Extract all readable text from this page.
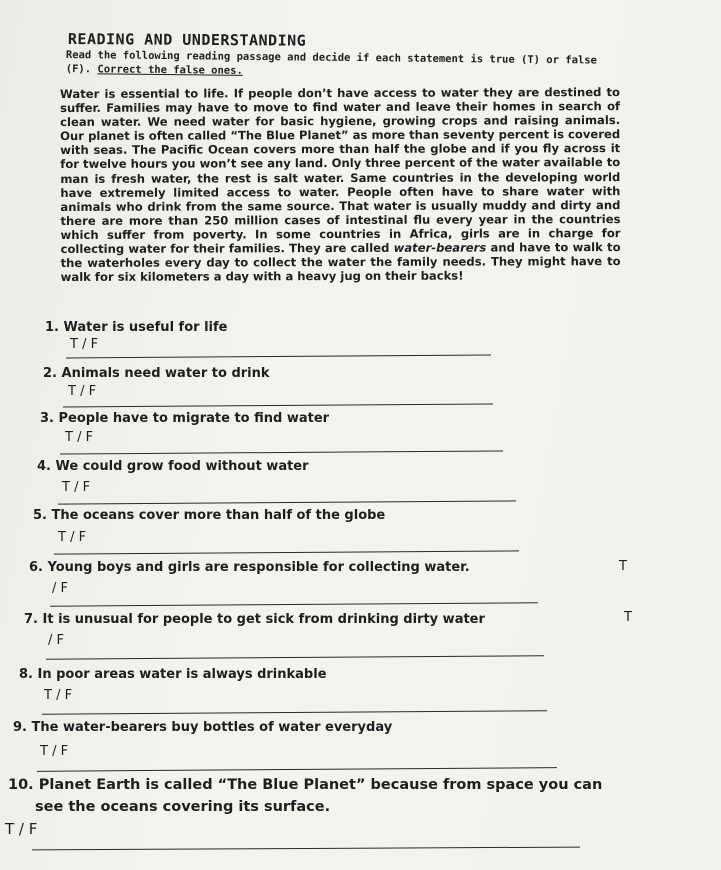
READING AND UNDERSTANDING
Read the following reading passage and decide if each statement is true (T) or false (F). Correct the false ones.
Water is essential to life. If people don’t have access to water they are destined to suffer. Families may have to move to find water and leave their homes in search of clean water. We need water for basic hygiene, growing crops and raising animals. Our planet is often called “The Blue Planet” as more than seventy percent is covered with seas. The Pacific Ocean covers more than half the globe and if you fly across it for twelve hours you won’t see any land. Only three percent of the water available to man is fresh water, the rest is salt water. Same countries in the developing world have extremely limited access to water. People often have to share water with animals who drink from the same source. That water is usually muddy and dirty and there are more than 250 million cases of intestinal flu every year in the countries which suffer from poverty. In some countries in Africa, girls are in charge for collecting water for their families. They are called water-bearers and have to walk to the waterholes every day to collect the water the family needs. They might have to walk for six kilometers a day with a heavy jug on their backs!
1. Water is useful for life
T / F
2. Animals need water to drink
T / F
3. People have to migrate to find water
T / F
4. We could grow food without water
T / F
5. The oceans cover more than half of the globe
T / F
6. Young boys and girls are responsible for collecting water.	T
/ F
7. It is unusual for people to get sick from drinking dirty water	T
/ F
8. In poor areas water is always drinkable
T / F
9. The water-bearers buy bottles of water everyday
T / F
10. Planet Earth is called “The Blue Planet” because from space you can
see the oceans covering its surface.
T / F
